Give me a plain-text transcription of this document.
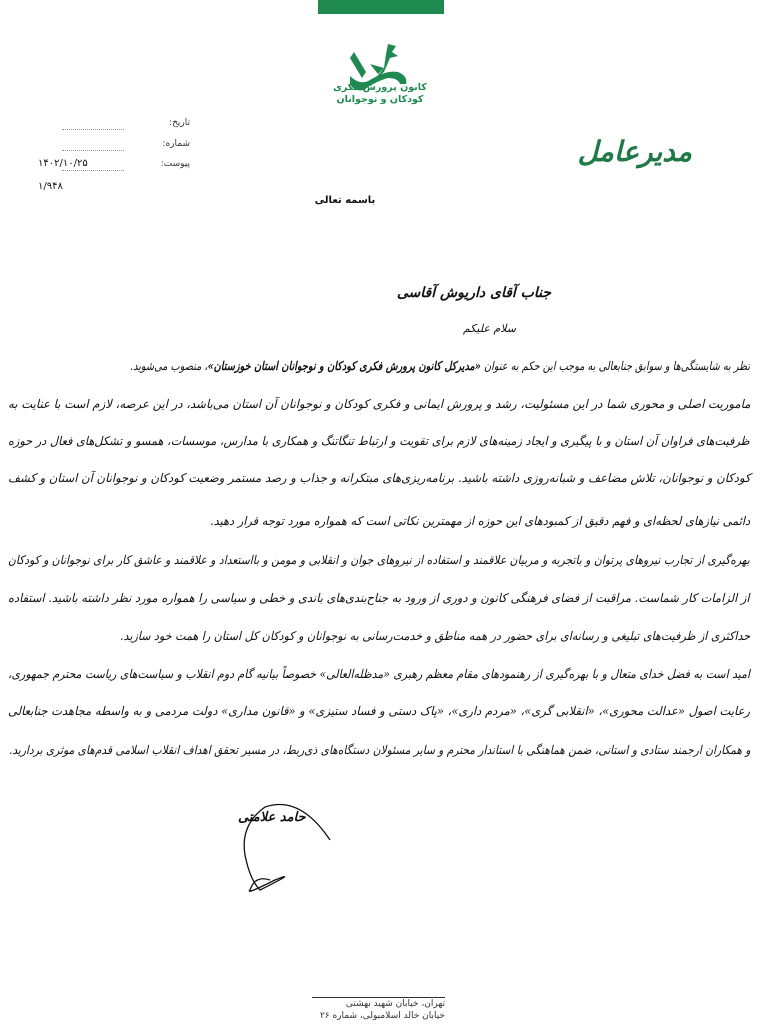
کانون پرورش فکری
کودکان و نوجوانان
مدیرعامل
تاریخ:
شماره:
پیوست:
۱۴۰۲/۱۰/۲۵
۱/۹۴۸
باسمه تعالی
جناب آقای داریوش آقاسی
سلام علیکم
نظر به شایستگی‌ها و سوابق جنابعالی به موجب این حکم به عنوان «مدیرکل کانون پرورش فکری کودکان و نوجوانان استان خوزستان»، منصوب می‌شوید.
ماموریت اصلی و محوری شما در این مسئولیت، رشد و پرورش ایمانی و فکری کودکان و نوجوانان آن استان می‌باشد، در این عرصه، لازم است با عنایت به
ظرفیت‌های فراوان آن استان و با پیگیری و ایجاد زمینه‌های لازم برای تقویت و ارتباط تنگاتنگ و همکاری با مدارس، موسسات، همسو و تشکل‌های فعال در حوزه
کودکان و نوجوانان، تلاش مضاعف و شبانه‌روزی داشته باشید. برنامه‌ریزی‌های مبتکرانه و جذاب و رصد مستمر وضعیت کودکان و نوجوانان آن استان و کشف
دائمی نیازهای لحظه‌ای و فهم دقیق از کمبودهای این حوزه از مهمترین نکاتی است که همواره مورد توجه قرار دهید.
بهره‌گیری از تجارب نیروهای پرتوان و باتجربه و مربیان علاقمند و استفاده از نیروهای جوان و انقلابی و مومن و بااستعداد و علاقمند و عاشق کار برای نوجوانان و کودکان
از الزامات کار شماست. مراقبت از فضای فرهنگی کانون و دوری از ورود به جناح‌بندی‌های باندی و خطی و سیاسی را همواره مورد نظر داشته باشید. استفاده
حداکثری از ظرفیت‌های تبلیغی و رسانه‌ای برای حضور در همه مناطق و خدمت‌رسانی به نوجوانان و کودکان کل استان را همت خود سازید.
امید است به فضل خدای متعال و با بهره‌گیری از رهنمودهای مقام معظم رهبری «مدظله‌العالی» خصوصاً بیانیه گام دوم انقلاب و سیاست‌های ریاست محترم جمهوری،
رعایت اصول «عدالت محوری»، «انقلابی گری»، «مردم داری»، «پاک دستی و فساد ستیزی» و «قانون مداری» دولت مردمی و به واسطه مجاهدت جنابعالی
و همکاران ارجمند ستادی و استانی، ضمن هماهنگی با استاندار محترم و سایر مسئولان دستگاه‌های ذی‌ربط، در مسیر تحقق اهداف انقلاب اسلامی قدم‌های موثری بردارید.
حامد علامتی
تهران، خیابان شهید بهشتی
خیابان خالد اسلامبولی، شماره ۲۶
